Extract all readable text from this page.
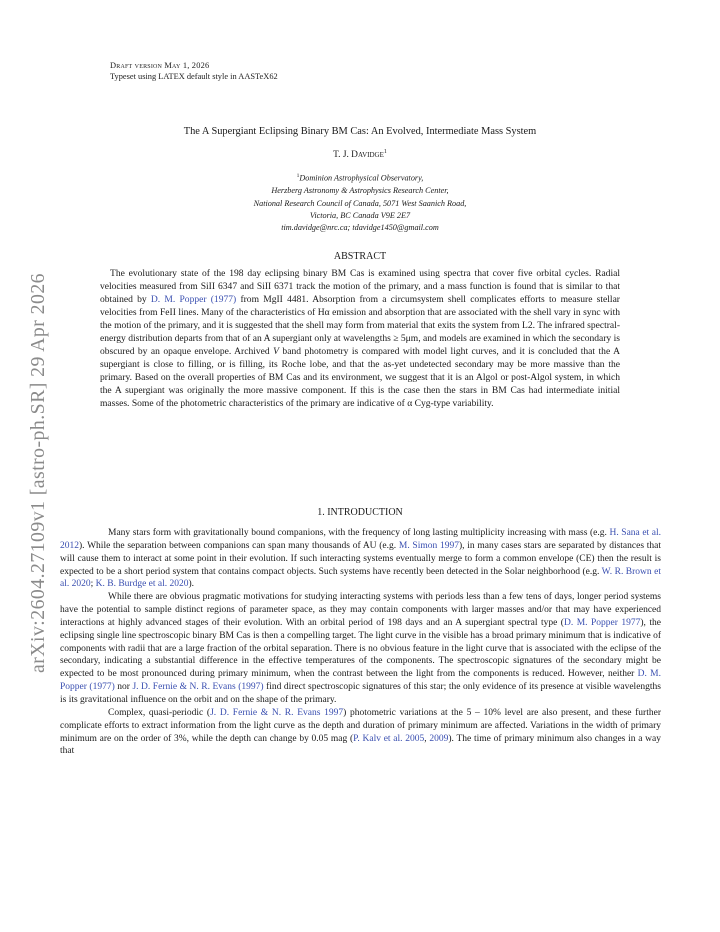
arXiv:2604.27109v1 [astro-ph.SR] 29 Apr 2026
Draft version May 1, 2026
Typeset using LATEX default style in AASTeX62
The A Supergiant Eclipsing Binary BM Cas: An Evolved, Intermediate Mass System
T. J. Davidge$^1$
$^1$Dominion Astrophysical Observatory,
Herzberg Astronomy & Astrophysics Research Center,
National Research Council of Canada, 5071 West Saanich Road,
Victoria, BC Canada V9E 2E7
tim.davidge@nrc.ca; tdavidge1450@gmail.com
ABSTRACT
The evolutionary state of the 198 day eclipsing binary BM Cas is examined using spectra that cover five orbital cycles. Radial velocities measured from SiII 6347 and SiII 6371 track the motion of the primary, and a mass function is found that is similar to that obtained by D. M. Popper (1977) from MgII 4481. Absorption from a circumsystem shell complicates efforts to measure stellar velocities from FeII lines. Many of the characteristics of Hα emission and absorption that are associated with the shell vary in sync with the motion of the primary, and it is suggested that the shell may form from material that exits the system from L2. The infrared spectral-energy distribution departs from that of an A supergiant only at wavelengths ≥ 5μm, and models are examined in which the secondary is obscured by an opaque envelope. Archived V band photometry is compared with model light curves, and it is concluded that the A supergiant is close to filling, or is filling, its Roche lobe, and that the as-yet undetected secondary may be more massive than the primary. Based on the overall properties of BM Cas and its environment, we suggest that it is an Algol or post-Algol system, in which the A supergiant was originally the more massive component. If this is the case then the stars in BM Cas had intermediate initial masses. Some of the photometric characteristics of the primary are indicative of α Cyg-type variability.
1. INTRODUCTION

Many stars form with gravitationally bound companions, with the frequency of long lasting multiplicity increasing with mass (e.g. H. Sana et al. 2012). While the separation between companions can span many thousands of AU (e.g. M. Simon 1997), in many cases stars are separated by distances that will cause them to interact at some point in their evolution. If such interacting systems eventually merge to form a common envelope (CE) then the result is expected to be a short period system that contains compact objects. Such systems have recently been detected in the Solar neighborhood (e.g. W. R. Brown et al. 2020; K. B. Burdge et al. 2020).

While there are obvious pragmatic motivations for studying interacting systems with periods less than a few tens of days, longer period systems have the potential to sample distinct regions of parameter space, as they may contain components with larger masses and/or that may have experienced interactions at highly advanced stages of their evolution. With an orbital period of 198 days and an A supergiant spectral type (D. M. Popper 1977), the eclipsing single line spectroscopic binary BM Cas is then a compelling target. The light curve in the visible has a broad primary minimum that is indicative of components with radii that are a large fraction of the orbital separation. There is no obvious feature in the light curve that is associated with the eclipse of the secondary, indicating a substantial difference in the effective temperatures of the components. The spectroscopic signatures of the secondary might be expected to be most pronounced during primary minimum, when the contrast between the light from the components is reduced. However, neither D. M. Popper (1977) nor J. D. Fernie & N. R. Evans (1997) find direct spectroscopic signatures of this star; the only evidence of its presence at visible wavelengths is its gravitational influence on the orbit and on the shape of the primary.

Complex, quasi-periodic (J. D. Fernie & N. R. Evans 1997) photometric variations at the 5 – 10% level are also present, and these further complicate efforts to extract information from the light curve as the depth and duration of primary minimum are affected. Variations in the width of primary minimum are on the order of 3%, while the depth can change by 0.05 mag (P. Kalv et al. 2005, 2009). The time of primary minimum also changes in a way that
